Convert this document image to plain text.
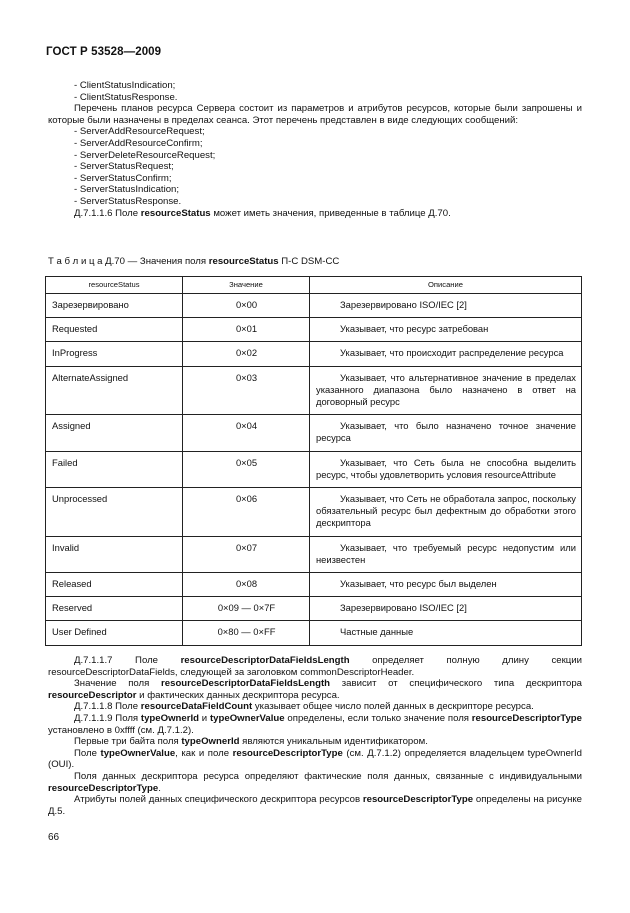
ГОСТ Р 53528—2009
- ClientStatusIndication;
- ClientStatusResponse.
Перечень планов ресурса Сервера состоит из параметров и атрибутов ресурсов, которые были запрошены и которые были назначены в пределах сеанса. Этот перечень представлен в виде следующих сообщений:
- ServerAddResourceRequest;
- ServerAddResourceConfirm;
- ServerDeleteResourceRequest;
- ServerStatusRequest;
- ServerStatusConfirm;
- ServerStatusIndication;
- ServerStatusResponse.
Д.7.1.1.6 Поле resourceStatus может иметь значения, приведенные в таблице Д.70.
Т а б л и ц а Д.70 — Значения поля resourceStatus П-С DSM-CC
resourceStatus	Значение	Описание
Зарезервировано	0×00	Зарезервировано ISO/IEC [2]

Requested	0×01	Указывает, что ресурс затребован

InProgress	0×02	Указывает, что происходит распределение ресурса

AlternateAssigned	0×03	Указывает, что альтернативное значение в пределах указанного диапазона было назначено в ответ на договорный ресурс

Assigned	0×04	Указывает, что было назначено точное значение ресурса

Failed	0×05	Указывает, что Сеть была не способна выделить ресурс, чтобы удовлетворить условия resourceAttribute

Unprocessed	0×06	Указывает, что Сеть не обработала запрос, поскольку обязательный ресурс был дефектным до обработки этого дескриптора

Invalid	0×07	Указывает, что требуемый ресурс недопустим или неизвестен

Released	0×08	Указывает, что ресурс был выделен

Reserved	0×09 — 0×7F	Зарезервировано ISO/IEC [2]

User Defined	0×80 — 0×FF	Частные данные
Д.7.1.1.7 Поле resourceDescriptorDataFieldsLength определяет полную длину секции resourceDescriptorDataFields, следующей за заголовком commonDescriptorHeader.
Значение поля resourceDescriptorDataFieldsLength зависит от специфического типа дескриптора resourceDescriptor и фактических данных дескриптора ресурса.
Д.7.1.1.8 Поле resourceDataFieldCount указывает общее число полей данных в дескрипторе ресурса.
Д.7.1.1.9 Поля typeOwnerId и typeOwnerValue определены, если только значение поля resourceDescriptorType установлено в 0xffff (см. Д.7.1.2).
Первые три байта поля typeOwnerId являются уникальным идентификатором.
Поле typeOwnerValue, как и поле resourceDescriptorType (см. Д.7.1.2) определяется владельцем typeOwnerId (OUI).
Поля данных дескриптора ресурса определяют фактические поля данных, связанные с индивидуальными resourceDescriptorType.
Атрибуты полей данных специфического дескриптора ресурсов resourceDescriptorType определены на рисунке Д.5.
66
